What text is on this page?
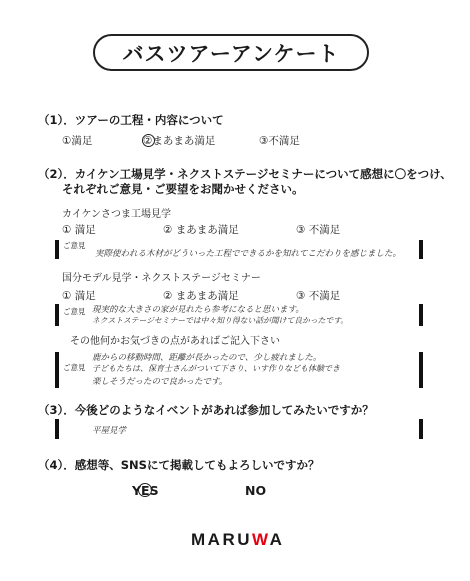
バスツアーアンケート
（1）．ツアーの工程・内容について
①満足	②まあまあ満足	③不満足
（2）．カイケン工場見学・ネクストステージセミナーについて感想に〇をつけ、
それぞれご意見・ご要望をお聞かせください。
カイケンさつま工場見学
① 満足	② まあまあ満足	③ 不満足
ご意見
実際使われる木材がどういった工程でできるかを知れてこだわりを感じました。
国分モデル見学・ネクストステージセミナー
① 満足	② まあまあ満足	③ 不満足
ご意見 現実的な大きさの家が見れたら参考になると思います。
ネクストステージセミナーでは中々知り得ない話が聞けて良かったです。
その他何かお気づきの点があればご記入下さい
ご意見
鹿からの移動時間、距離が長かったので、少し疲れました。
子どもたちは、保育士さんがついて下さり、いす作りなども体験でき
楽しそうだったので良かったです。
（3）．今後どのようなイベントがあれば参加してみたいですか？
平屋見学
（4）．感想等、SNSにて掲載してもよろしいですか？
YES	NO
MARUWA
